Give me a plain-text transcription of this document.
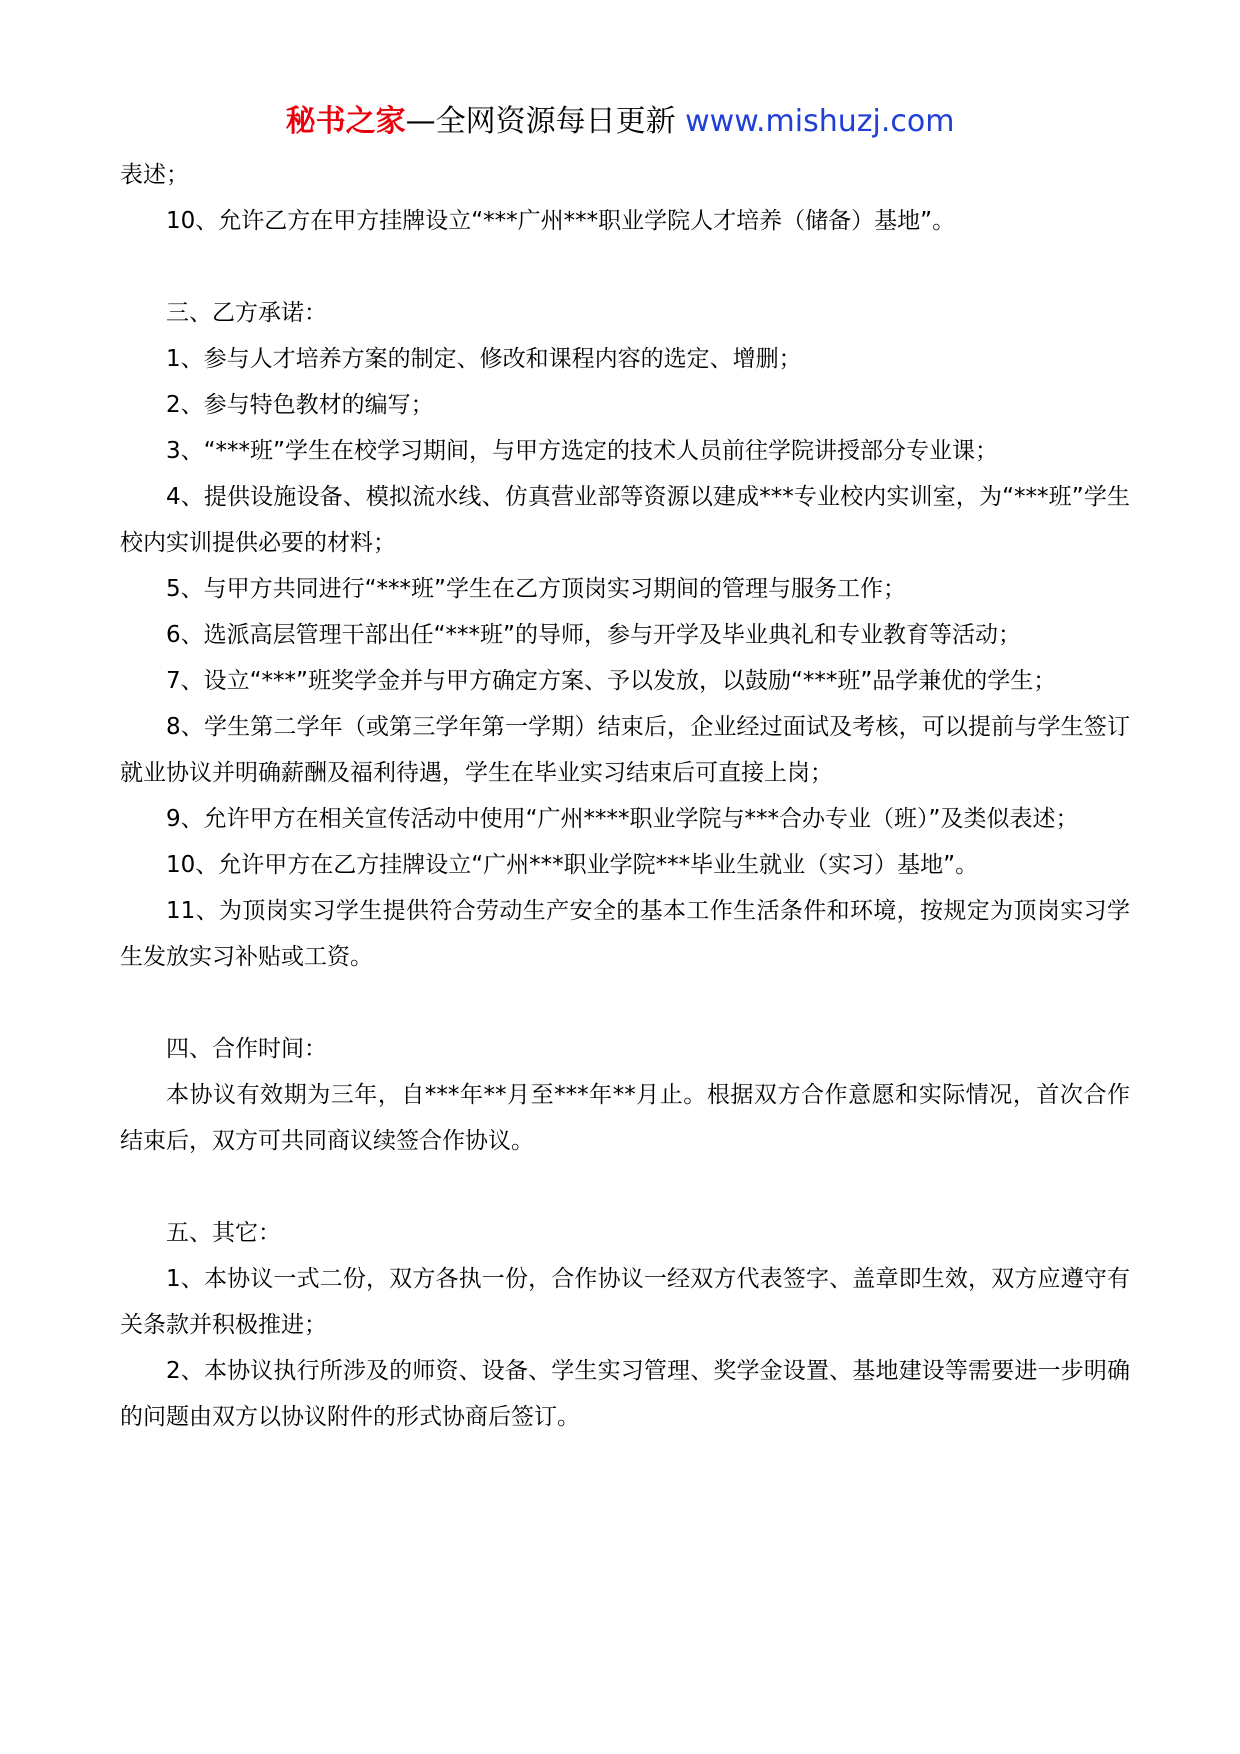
秘书之家—全网资源每日更新 www.mishuzj.com

表述；

10、允许乙方在甲方挂牌设立“***广州***职业学院人才培养（储备）基地”。

三、乙方承诺：

1、参与人才培养方案的制定、修改和课程内容的选定、增删；

2、参与特色教材的编写；

3、“***班”学生在校学习期间，与甲方选定的技术人员前往学院讲授部分专业课；

4、提供设施设备、模拟流水线、仿真营业部等资源以建成***专业校内实训室，为“***班”学生校内实训提供必要的材料；

5、与甲方共同进行“***班”学生在乙方顶岗实习期间的管理与服务工作；

6、选派高层管理干部出任“***班”的导师，参与开学及毕业典礼和专业教育等活动；

7、设立“***”班奖学金并与甲方确定方案、予以发放，以鼓励“***班”品学兼优的学生；

8、学生第二学年（或第三学年第一学期）结束后，企业经过面试及考核，可以提前与学生签订就业协议并明确薪酬及福利待遇，学生在毕业实习结束后可直接上岗；

9、允许甲方在相关宣传活动中使用“广州****职业学院与***合办专业（班）”及类似表述；

10、允许甲方在乙方挂牌设立“广州***职业学院***毕业生就业（实习）基地”。

11、为顶岗实习学生提供符合劳动生产安全的基本工作生活条件和环境，按规定为顶岗实习学生发放实习补贴或工资。

四、合作时间：

本协议有效期为三年，自***年**月至***年**月止。根据双方合作意愿和实际情况，首次合作结束后，双方可共同商议续签合作协议。

五、其它：

1、本协议一式二份，双方各执一份，合作协议一经双方代表签字、盖章即生效，双方应遵守有关条款并积极推进；

2、本协议执行所涉及的师资、设备、学生实习管理、奖学金设置、基地建设等需要进一步明确的问题由双方以协议附件的形式协商后签订。
